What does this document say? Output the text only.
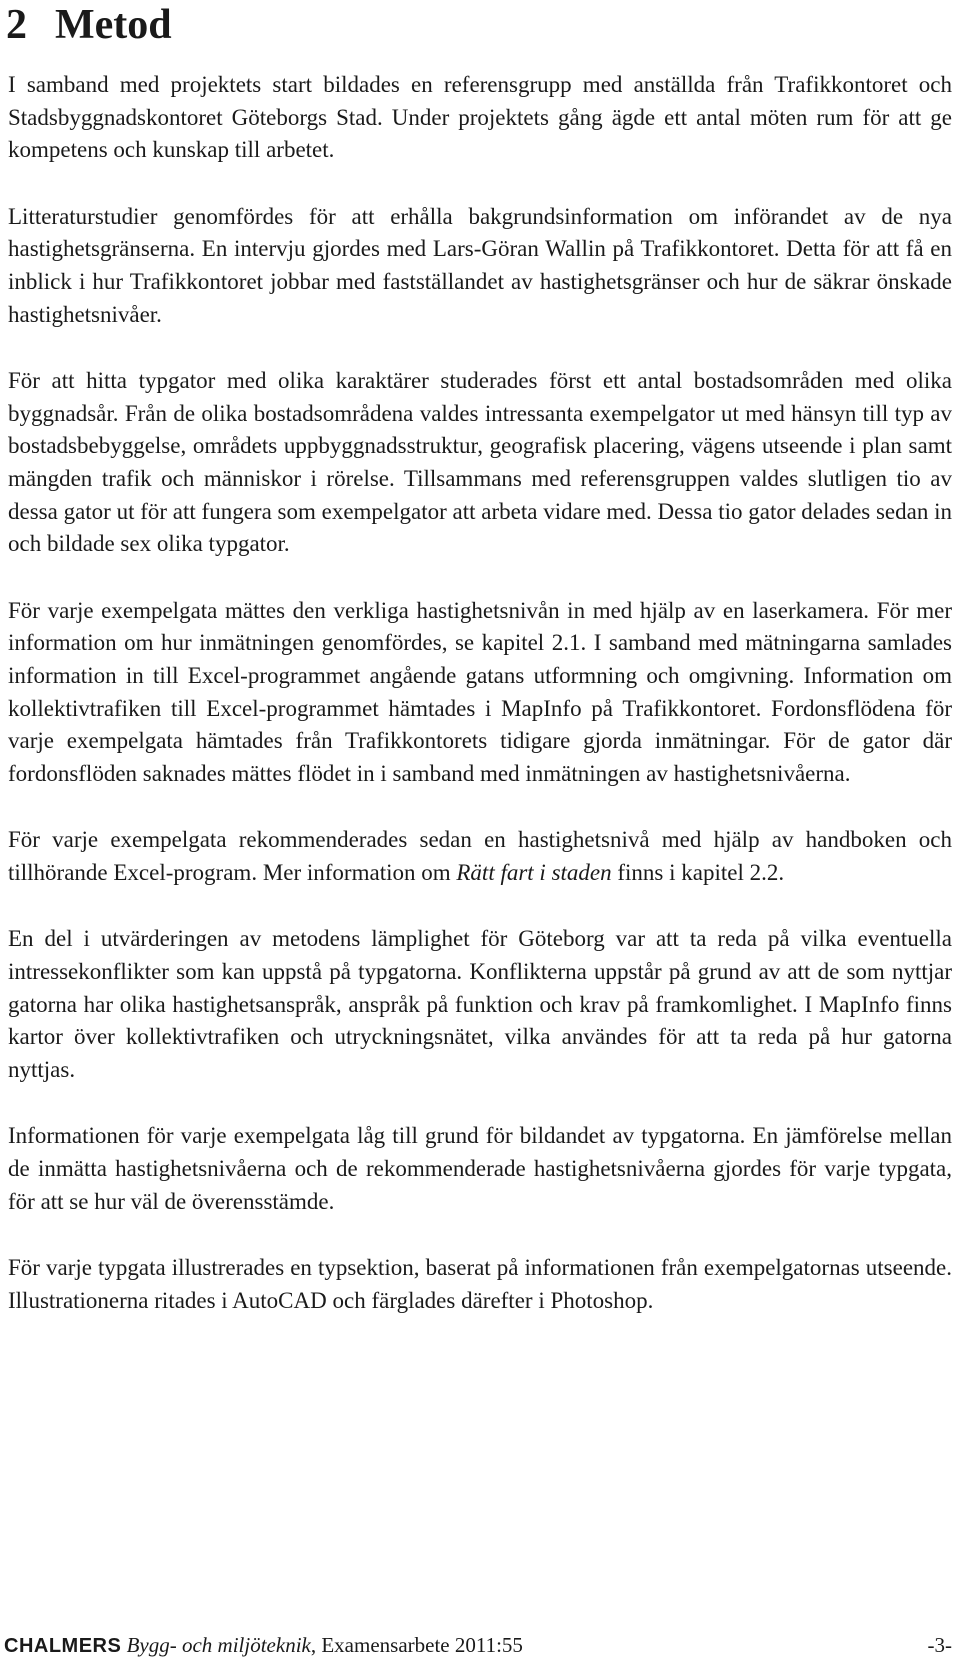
2 Metod

I samband med projektets start bildades en referensgrupp med anställda från Trafikkontoret och Stadsbyggnadskontoret Göteborgs Stad. Under projektets gång ägde ett antal möten rum för att ge kompetens och kunskap till arbetet.

Litteraturstudier genomfördes för att erhålla bakgrundsinformation om införandet av de nya hastighetsgränserna. En intervju gjordes med Lars-Göran Wallin på Trafikkontoret. Detta för att få en inblick i hur Trafikkontoret jobbar med fastställandet av hastighetsgränser och hur de säkrar önskade hastighetsnivåer.

För att hitta typgator med olika karaktärer studerades först ett antal bostadsområden med olika byggnadsår. Från de olika bostadsområdena valdes intressanta exempelgator ut med hänsyn till typ av bostadsbebyggelse, områdets uppbyggnadsstruktur, geografisk placering, vägens utseende i plan samt mängden trafik och människor i rörelse. Tillsammans med referensgruppen valdes slutligen tio av dessa gator ut för att fungera som exempelgator att arbeta vidare med. Dessa tio gator delades sedan in och bildade sex olika typgator.

För varje exempelgata mättes den verkliga hastighetsnivån in med hjälp av en laserkamera. För mer information om hur inmätningen genomfördes, se kapitel 2.1. I samband med mätningarna samlades information in till Excel-programmet angående gatans utformning och omgivning. Information om kollektivtrafiken till Excel-programmet hämtades i MapInfo på Trafikkontoret. Fordonsflödena för varje exempelgata hämtades från Trafikkontorets tidigare gjorda inmätningar. För de gator där fordonsflöden saknades mättes flödet in i samband med inmätningen av hastighetsnivåerna.

För varje exempelgata rekommenderades sedan en hastighetsnivå med hjälp av handboken och tillhörande Excel-program. Mer information om Rätt fart i staden finns i kapitel 2.2.

En del i utvärderingen av metodens lämplighet för Göteborg var att ta reda på vilka eventuella intressekonflikter som kan uppstå på typgatorna. Konflikterna uppstår på grund av att de som nyttjar gatorna har olika hastighetsanspråk, anspråk på funktion och krav på framkomlighet. I MapInfo finns kartor över kollektivtrafiken och utryckningsnätet, vilka användes för att ta reda på hur gatorna nyttjas.

Informationen för varje exempelgata låg till grund för bildandet av typgatorna. En jämförelse mellan de inmätta hastighetsnivåerna och de rekommenderade hastighetsnivåerna gjordes för varje typgata, för att se hur väl de överensstämde.

För varje typgata illustrerades en typsektion, baserat på informationen från exempelgatornas utseende. Illustrationerna ritades i AutoCAD och färglades därefter i Photoshop.

CHALMERS Bygg- och miljöteknik, Examensarbete 2011:55	-3-
